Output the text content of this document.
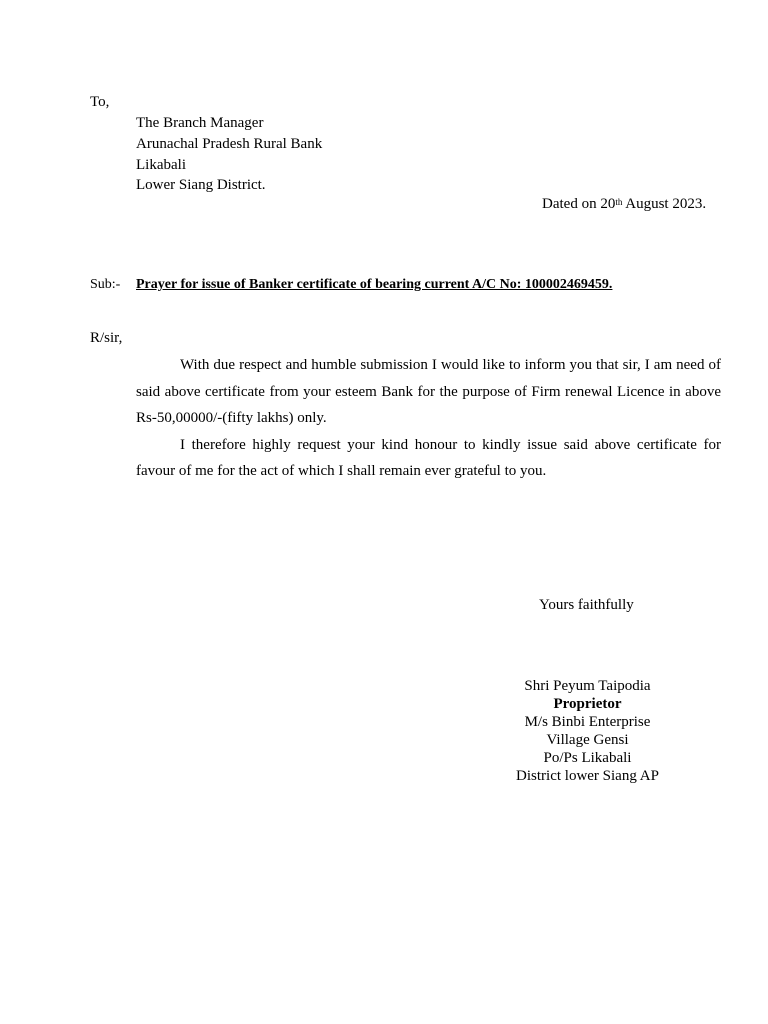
To,
The Branch Manager
Arunachal Pradesh Rural Bank
Likabali
Lower Siang District.
Dated on 20th August 2023.
Sub:- Prayer for issue of Banker certificate of bearing current A/C No: 100002469459.
R/sir,

With due respect and humble submission I would like to inform you that sir, I am need of said above certificate from your esteem Bank for the purpose of Firm renewal Licence in above Rs-50,00000/-(fifty lakhs) only.

I therefore highly request your kind honour to kindly issue said above certificate for favour of me for the act of which I shall remain ever grateful to you.

Yours faithfully
Shri Peyum Taipodia
Proprietor
M/s Binbi Enterprise
Village Gensi
Po/Ps Likabali
District lower Siang AP
